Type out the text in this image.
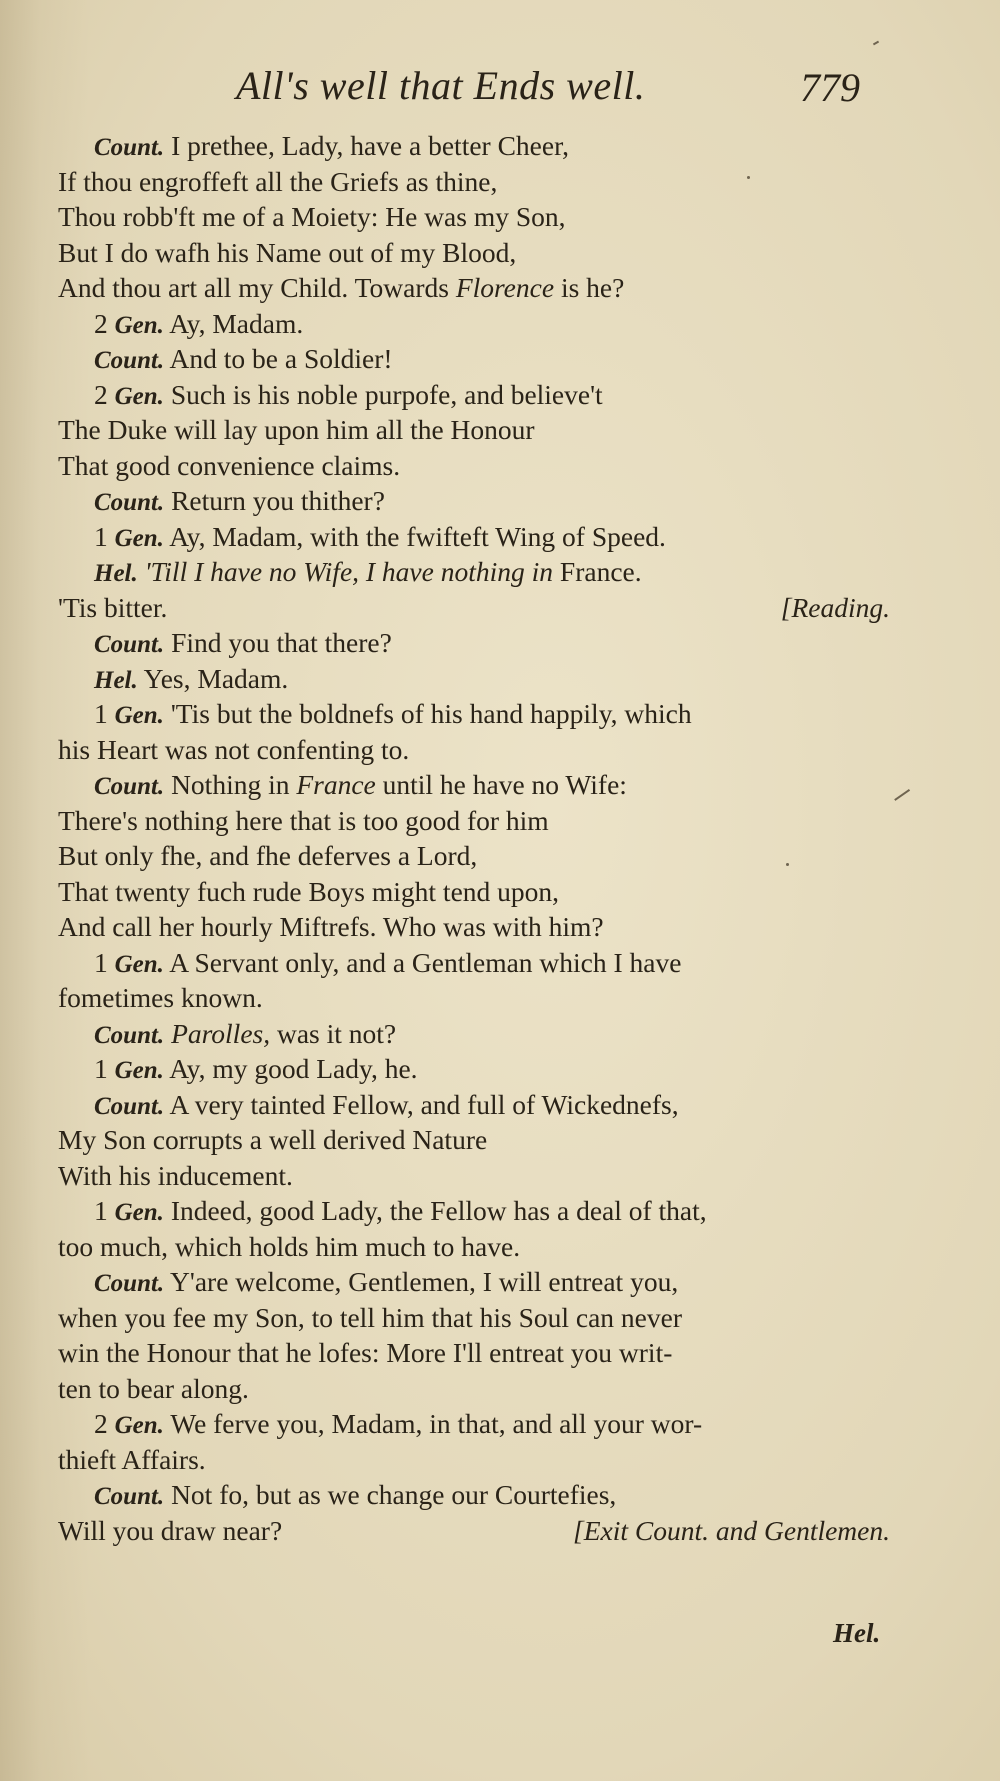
All's well that Ends well.	779
Count. I prethee, Lady, have a better Cheer,
If thou engroffeft all the Griefs as thine,
Thou robb'ft me of a Moiety: He was my Son,
But I do wafh his Name out of my Blood,
And thou art all my Child. Towards Florence is he?
2 Gen. Ay, Madam.
Count. And to be a Soldier!
2 Gen. Such is his noble purpofe, and believe't
The Duke will lay upon him all the Honour
That good convenience claims.
Count. Return you thither?
1 Gen. Ay, Madam, with the fwifteft Wing of Speed.
Hel. 'Till I have no Wife, I have nothing in France.
'Tis bitter.	[Reading.
Count. Find you that there?
Hel. Yes, Madam.
1 Gen. 'Tis but the boldnefs of his hand happily, which
his Heart was not confenting to.
Count. Nothing in France until he have no Wife:
There's nothing here that is too good for him
But only fhe, and fhe deferves a Lord,
That twenty fuch rude Boys might tend upon,
And call her hourly Miftrefs. Who was with him?
1 Gen. A Servant only, and a Gentleman which I have
fometimes known.
Count. Parolles, was it not?
1 Gen. Ay, my good Lady, he.
Count. A very tainted Fellow, and full of Wickednefs,
My Son corrupts a well derived Nature
With his inducement.
1 Gen. Indeed, good Lady, the Fellow has a deal of that,
too much, which holds him much to have.
Count. Y'are welcome, Gentlemen, I will entreat you,
when you fee my Son, to tell him that his Soul can never
win the Honour that he lofes: More I'll entreat you writ-
ten to bear along.
2 Gen. We ferve you, Madam, in that, and all your wor-
thieft Affairs.
Count. Not fo, but as we change our Courtefies,
Will you draw near?	[Exit Count. and Gentlemen.
Hel.
